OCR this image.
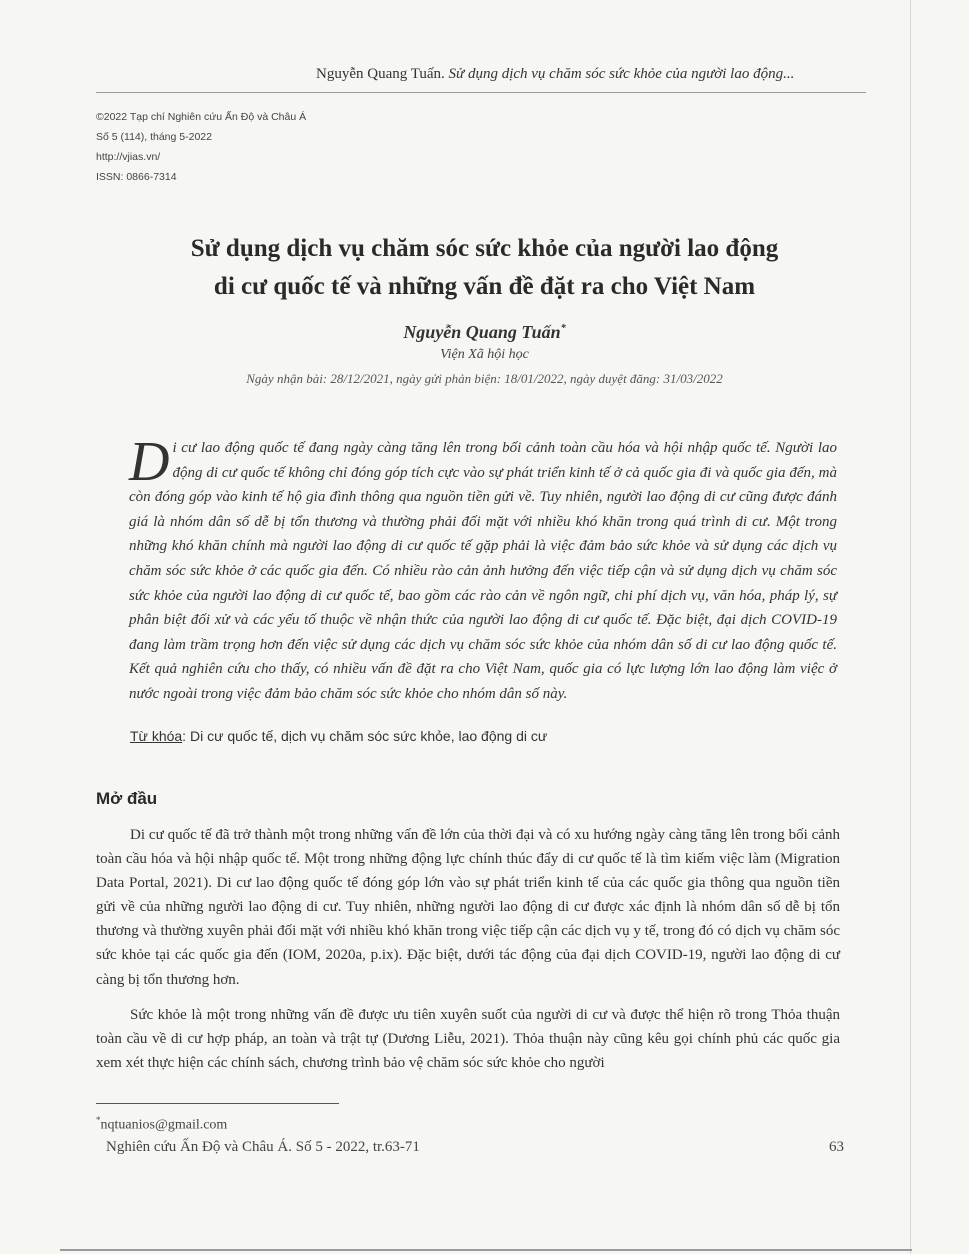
Nguyễn Quang Tuấn. Sử dụng dịch vụ chăm sóc sức khỏe của người lao động...
©2022 Tạp chí Nghiên cứu Ấn Độ và Châu Á
Số 5 (114), tháng 5-2022
http://vjias.vn/
ISSN: 0866-7314
Sử dụng dịch vụ chăm sóc sức khỏe của người lao động
di cư quốc tế và những vấn đề đặt ra cho Việt Nam
Nguyễn Quang Tuấn*
Viện Xã hội học
Ngày nhận bài: 28/12/2021, ngày gửi phản biện: 18/01/2022, ngày duyệt đăng: 31/03/2022
Di cư lao động quốc tế đang ngày càng tăng lên trong bối cảnh toàn cầu hóa và hội nhập quốc tế. Người lao động di cư quốc tế không chỉ đóng góp tích cực vào sự phát triển kinh tế ở cả quốc gia đi và quốc gia đến, mà còn đóng góp vào kinh tế hộ gia đình thông qua nguồn tiền gửi về. Tuy nhiên, người lao động di cư cũng được đánh giá là nhóm dân số dễ bị tổn thương và thường phải đối mặt với nhiều khó khăn trong quá trình di cư. Một trong những khó khăn chính mà người lao động di cư quốc tế gặp phải là việc đảm bảo sức khỏe và sử dụng các dịch vụ chăm sóc sức khỏe ở các quốc gia đến. Có nhiều rào cản ảnh hưởng đến việc tiếp cận và sử dụng dịch vụ chăm sóc sức khỏe của người lao động di cư quốc tế, bao gồm các rào cản về ngôn ngữ, chi phí dịch vụ, văn hóa, pháp lý, sự phân biệt đối xử và các yếu tố thuộc về nhận thức của người lao động di cư quốc tế. Đặc biệt, đại dịch COVID-19 đang làm trầm trọng hơn đến việc sử dụng các dịch vụ chăm sóc sức khỏe của nhóm dân số di cư lao động quốc tế. Kết quả nghiên cứu cho thấy, có nhiều vấn đề đặt ra cho Việt Nam, quốc gia có lực lượng lớn lao động làm việc ở nước ngoài trong việc đảm bảo chăm sóc sức khỏe cho nhóm dân số này.
Từ khóa: Di cư quốc tế, dịch vụ chăm sóc sức khỏe, lao động di cư
Mở đầu
Di cư quốc tế đã trở thành một trong những vấn đề lớn của thời đại và có xu hướng ngày càng tăng lên trong bối cảnh toàn cầu hóa và hội nhập quốc tế. Một trong những động lực chính thúc đẩy di cư quốc tế là tìm kiếm việc làm (Migration Data Portal, 2021). Di cư lao động quốc tế đóng góp lớn vào sự phát triển kinh tế của các quốc gia thông qua nguồn tiền gửi về của những người lao động di cư. Tuy nhiên, những người lao động di cư được xác định là nhóm dân số dễ bị tổn thương và thường xuyên phải đối mặt với nhiều khó khăn trong việc tiếp cận các dịch vụ y tế, trong đó có dịch vụ chăm sóc sức khỏe tại các quốc gia đến (IOM, 2020a, p.ix). Đặc biệt, dưới tác động của đại dịch COVID-19, người lao động di cư càng bị tổn thương hơn.
Sức khỏe là một trong những vấn đề được ưu tiên xuyên suốt của người di cư và được thể hiện rõ trong Thỏa thuận toàn cầu về di cư hợp pháp, an toàn và trật tự (Dương Liễu, 2021). Thỏa thuận này cũng kêu gọi chính phủ các quốc gia xem xét thực hiện các chính sách, chương trình bảo vệ chăm sóc sức khỏe cho người
*nqtuanios@gmail.com
Nghiên cứu Ấn Độ và Châu Á. Số 5 - 2022, tr.63-71	63
